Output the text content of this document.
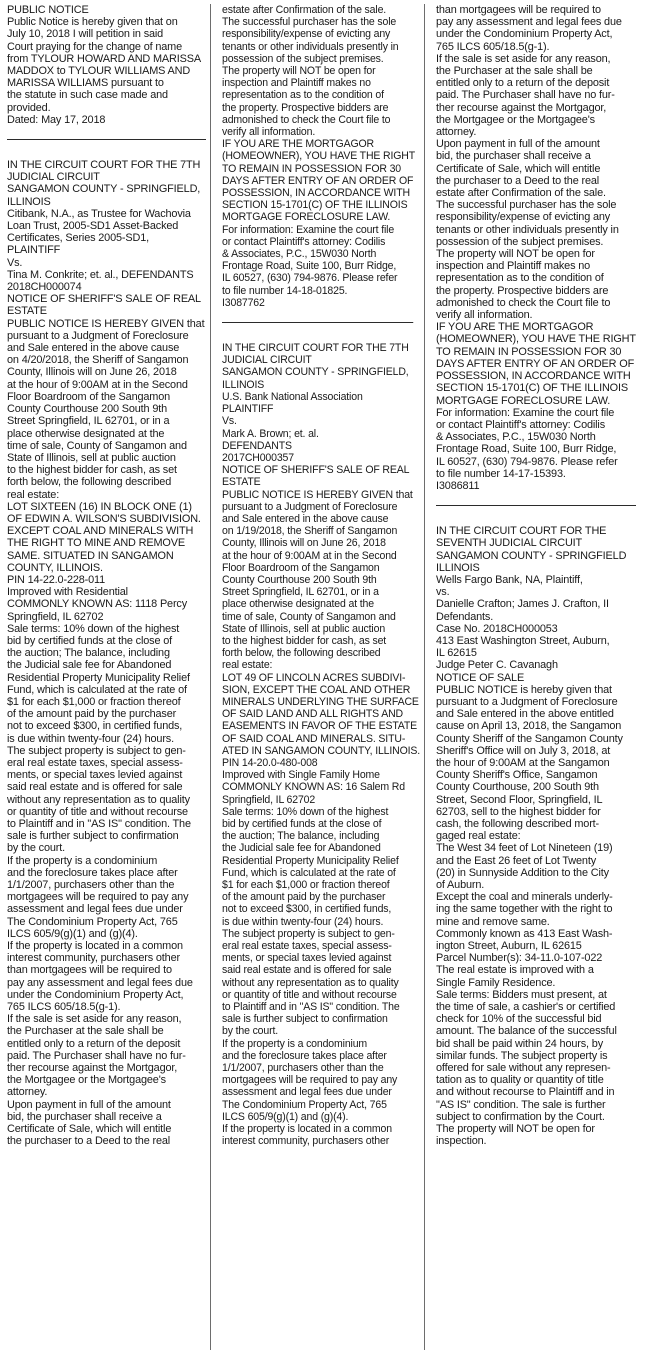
PUBLIC NOTICE
Public Notice is hereby given that on
July 10, 2018 I will petition in said
Court praying for the change of name
from TYLOUR HOWARD AND MARISSA
MADDOX to TYLOUR WILLIAMS AND
MARISSA WILLIAMS pursuant to
the statute in such case made and
provided.
Dated: May 17, 2018
IN THE CIRCUIT COURT FOR THE 7TH
JUDICIAL CIRCUIT
SANGAMON COUNTY - SPRINGFIELD,
ILLINOIS
Citibank, N.A., as Trustee for Wachovia
Loan Trust, 2005-SD1 Asset-Backed
Certificates, Series 2005-SD1,
PLAINTIFF
Vs.
Tina M. Conkrite; et. al., DEFENDANTS
2018CH000074
NOTICE OF SHERIFF'S SALE OF REAL
ESTATE
PUBLIC NOTICE IS HEREBY GIVEN that
pursuant to a Judgment of Foreclosure
and Sale entered in the above cause
on 4/20/2018, the Sheriff of Sangamon
County, Illinois will on June 26, 2018
at the hour of 9:00AM at in the Second
Floor Boardroom of the Sangamon
County Courthouse 200 South 9th
Street Springfield, IL 62701, or in a
place otherwise designated at the
time of sale, County of Sangamon and
State of Illinois, sell at public auction
to the highest bidder for cash, as set
forth below, the following described
real estate:
LOT SIXTEEN (16) IN BLOCK ONE (1)
OF EDWIN A. WILSON'S SUBDIVISION.
EXCEPT COAL AND MINERALS WITH
THE RIGHT TO MINE AND REMOVE
SAME. SITUATED IN SANGAMON
COUNTY, ILLINOIS.
PIN 14-22.0-228-011
Improved with Residential
COMMONLY KNOWN AS: 1118 Percy
Springfield, IL 62702
Sale terms: 10% down of the highest
bid by certified funds at the close of
the auction; The balance, including
the Judicial sale fee for Abandoned
Residential Property Municipality Relief
Fund, which is calculated at the rate of
$1 for each $1,000 or fraction thereof
of the amount paid by the purchaser
not to exceed $300, in certified funds,
is due within twenty-four (24) hours.
The subject property is subject to gen-
eral real estate taxes, special assess-
ments, or special taxes levied against
said real estate and is offered for sale
without any representation as to quality
or quantity of title and without recourse
to Plaintiff and in "AS IS" condition. The
sale is further subject to confirmation
by the court.
If the property is a condominium
and the foreclosure takes place after
1/1/2007, purchasers other than the
mortgagees will be required to pay any
assessment and legal fees due under
The Condominium Property Act, 765
ILCS 605/9(g)(1) and (g)(4).
If the property is located in a common
interest community, purchasers other
than mortgagees will be required to
pay any assessment and legal fees due
under the Condominium Property Act,
765 ILCS 605/18.5(g-1).
If the sale is set aside for any reason,
the Purchaser at the sale shall be
entitled only to a return of the deposit
paid. The Purchaser shall have no fur-
ther recourse against the Mortgagor,
the Mortgagee or the Mortgagee's
attorney.
Upon payment in full of the amount
bid, the purchaser shall receive a
Certificate of Sale, which will entitle
the purchaser to a Deed to the real
estate after Confirmation of the sale.
The successful purchaser has the sole
responsibility/expense of evicting any
tenants or other individuals presently in
possession of the subject premises.
The property will NOT be open for
inspection and Plaintiff makes no
representation as to the condition of
the property. Prospective bidders are
admonished to check the Court file to
verify all information.
IF YOU ARE THE MORTGAGOR
(HOMEOWNER), YOU HAVE THE RIGHT
TO REMAIN IN POSSESSION FOR 30
DAYS AFTER ENTRY OF AN ORDER OF
POSSESSION, IN ACCORDANCE WITH
SECTION 15-1701(C) OF THE ILLINOIS
MORTGAGE FORECLOSURE LAW.
For information: Examine the court file
or contact Plaintiff's attorney: Codilis
& Associates, P.C., 15W030 North
Frontage Road, Suite 100, Burr Ridge,
IL 60527, (630) 794-9876. Please refer
to file number 14-18-01825.
I3087762
IN THE CIRCUIT COURT FOR THE 7TH
JUDICIAL CIRCUIT
SANGAMON COUNTY - SPRINGFIELD,
ILLINOIS
U.S. Bank National Association
PLAINTIFF
Vs.
Mark A. Brown; et. al.
DEFENDANTS
2017CH000357
NOTICE OF SHERIFF'S SALE OF REAL
ESTATE
PUBLIC NOTICE IS HEREBY GIVEN that
pursuant to a Judgment of Foreclosure
and Sale entered in the above cause
on 1/19/2018, the Sheriff of Sangamon
County, Illinois will on June 26, 2018
at the hour of 9:00AM at in the Second
Floor Boardroom of the Sangamon
County Courthouse 200 South 9th
Street Springfield, IL 62701, or in a
place otherwise designated at the
time of sale, County of Sangamon and
State of Illinois, sell at public auction
to the highest bidder for cash, as set
forth below, the following described
real estate:
LOT 49 OF LINCOLN ACRES SUBDIVI-
SION, EXCEPT THE COAL AND OTHER
MINERALS UNDERLYING THE SURFACE
OF SAID LAND AND ALL RIGHTS AND
EASEMENTS IN FAVOR OF THE ESTATE
OF SAID COAL AND MINERALS. SITU-
ATED IN SANGAMON COUNTY, ILLINOIS.
PIN 14-20.0-480-008
Improved with Single Family Home
COMMONLY KNOWN AS: 16 Salem Rd
Springfield, IL 62702
Sale terms: 10% down of the highest
bid by certified funds at the close of
the auction; The balance, including
the Judicial sale fee for Abandoned
Residential Property Municipality Relief
Fund, which is calculated at the rate of
$1 for each $1,000 or fraction thereof
of the amount paid by the purchaser
not to exceed $300, in certified funds,
is due within twenty-four (24) hours.
The subject property is subject to gen-
eral real estate taxes, special assess-
ments, or special taxes levied against
said real estate and is offered for sale
without any representation as to quality
or quantity of title and without recourse
to Plaintiff and in "AS IS" condition. The
sale is further subject to confirmation
by the court.
If the property is a condominium
and the foreclosure takes place after
1/1/2007, purchasers other than the
mortgagees will be required to pay any
assessment and legal fees due under
The Condominium Property Act, 765
ILCS 605/9(g)(1) and (g)(4).
If the property is located in a common
interest community, purchasers other
than mortgagees will be required to
pay any assessment and legal fees due
under the Condominium Property Act,
765 ILCS 605/18.5(g-1).
If the sale is set aside for any reason,
the Purchaser at the sale shall be
entitled only to a return of the deposit
paid. The Purchaser shall have no fur-
ther recourse against the Mortgagor,
the Mortgagee or the Mortgagee's
attorney.
Upon payment in full of the amount
bid, the purchaser shall receive a
Certificate of Sale, which will entitle
the purchaser to a Deed to the real
estate after Confirmation of the sale.
The successful purchaser has the sole
responsibility/expense of evicting any
tenants or other individuals presently in
possession of the subject premises.
The property will NOT be open for
inspection and Plaintiff makes no
representation as to the condition of
the property. Prospective bidders are
admonished to check the Court file to
verify all information.
IF YOU ARE THE MORTGAGOR
(HOMEOWNER), YOU HAVE THE RIGHT
TO REMAIN IN POSSESSION FOR 30
DAYS AFTER ENTRY OF AN ORDER OF
POSSESSION, IN ACCORDANCE WITH
SECTION 15-1701(C) OF THE ILLINOIS
MORTGAGE FORECLOSURE LAW.
For information: Examine the court file
or contact Plaintiff's attorney: Codilis
& Associates, P.C., 15W030 North
Frontage Road, Suite 100, Burr Ridge,
IL 60527, (630) 794-9876. Please refer
to file number 14-17-15393.
I3086811
IN THE CIRCUIT COURT FOR THE
SEVENTH JUDICIAL CIRCUIT
SANGAMON COUNTY - SPRINGFIELD
ILLINOIS
Wells Fargo Bank, NA, Plaintiff,
vs.
Danielle Crafton; James J. Crafton, II
Defendants.
Case No. 2018CH000053
413 East Washington Street, Auburn,
IL 62615
Judge Peter C. Cavanagh
NOTICE OF SALE
PUBLIC NOTICE is hereby given that
pursuant to a Judgment of Foreclosure
and Sale entered in the above entitled
cause on April 13, 2018, the Sangamon
County Sheriff of the Sangamon County
Sheriff's Office will on July 3, 2018, at
the hour of 9:00AM at the Sangamon
County Sheriff's Office, Sangamon
County Courthouse, 200 South 9th
Street, Second Floor, Springfield, IL
62703, sell to the highest bidder for
cash, the following described mort-
gaged real estate:
The West 34 feet of Lot Nineteen (19)
and the East 26 feet of Lot Twenty
(20) in Sunnyside Addition to the City
of Auburn.
Except the coal and minerals underly-
ing the same together with the right to
mine and remove same.
Commonly known as 413 East Wash-
ington Street, Auburn, IL 62615
Parcel Number(s): 34-11.0-107-022
The real estate is improved with a
Single Family Residence.
Sale terms: Bidders must present, at
the time of sale, a cashier's or certified
check for 10% of the successful bid
amount. The balance of the successful
bid shall be paid within 24 hours, by
similar funds. The subject property is
offered for sale without any represen-
tation as to quality or quantity of title
and without recourse to Plaintiff and in
"AS IS" condition. The sale is further
subject to confirmation by the Court.
The property will NOT be open for
inspection.
